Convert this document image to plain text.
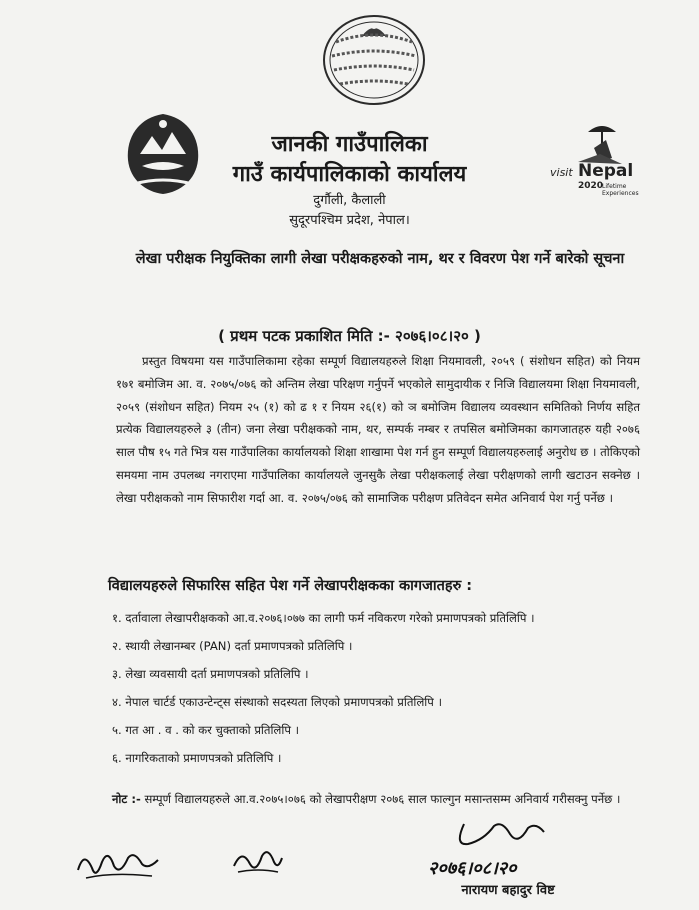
visit Nepal
2020
Lifetime
Experiences
जानकी गाउँपालिका
गाउँ कार्यपालिकाको कार्यालय
दुर्गौली, कैलाली
सुदूरपश्चिम प्रदेश, नेपाल।
लेखा परीक्षक नियुक्तिका लागी लेखा परीक्षकहरुको नाम, थर र विवरण पेश गर्ने बारेको सूचना
( प्रथम पटक प्रकाशित मिति :- २०७६।०८।२० )
प्रस्तुत विषयमा यस गाउँपालिकामा रहेका सम्पूर्ण विद्यालयहरुले शिक्षा नियमावली, २०५९ ( संशोधन सहित) को नियम १७१ बमोजिम आ. व. २०७५/०७६ को अन्तिम लेखा परिक्षण गर्नुपर्ने भएकोले सामुदायीक र निजि विद्यालयमा शिक्षा नियमावली, २०५९ (संशोधन सहित) नियम २५ (१) को ढ १ र नियम २६(१) को ञ बमोजिम विद्यालय व्यवस्थान समितिको निर्णय सहित प्रत्येक विद्यालयहरुले ३ (तीन) जना लेखा परीक्षकको नाम, थर, सम्पर्क नम्बर र तपसिल बमोजिमका कागजातहरु यही २०७६ साल पौष १५ गते भित्र यस गाउँपालिका कार्यालयको शिक्षा शाखामा पेश गर्न हुन सम्पूर्ण विद्यालयहरुलाई अनुरोध छ । तोकिएको समयमा नाम उपलब्ध नगराएमा गाउँपालिका कार्यालयले जुनसुकै लेखा परीक्षकलाई लेखा परीक्षणको लागी खटाउन सक्नेछ । लेखा परीक्षकको नाम सिफारीश गर्दा आ. व. २०७५/०७६ को सामाजिक परीक्षण प्रतिवेदन समेत अनिवार्य पेश गर्नु पर्नेछ ।
विद्यालयहरुले सिफारिस सहित पेश गर्ने लेखापरीक्षकका कागजातहरु :
१. दर्तावाला लेखापरीक्षकको आ.व.२०७६।०७७ का लागी फर्म नविकरण गरेको प्रमाणपत्रको प्रतिलिपि ।
२. स्थायी लेखानम्बर (PAN) दर्ता प्रमाणपत्रको प्रतिलिपि ।
३. लेखा व्यवसायी दर्ता प्रमाणपत्रको प्रतिलिपि ।
४. नेपाल चार्टर्ड एकाउन्टेन्ट्स संस्थाको सदस्यता लिएको प्रमाणपत्रको प्रतिलिपि ।
५. गत आ . व . को कर चुक्ताको प्रतिलिपि ।
६. नागरिकताको प्रमाणपत्रको प्रतिलिपि ।
नोट :- सम्पूर्ण विद्यालयहरुले आ.व.२०७५।०७६ को लेखापरीक्षण २०७६ साल फाल्गुन मसान्तसम्म अनिवार्य गरीसक्नु पर्नेछ ।
२०७६।०८।२०
नारायण बहादुर विष्ट
